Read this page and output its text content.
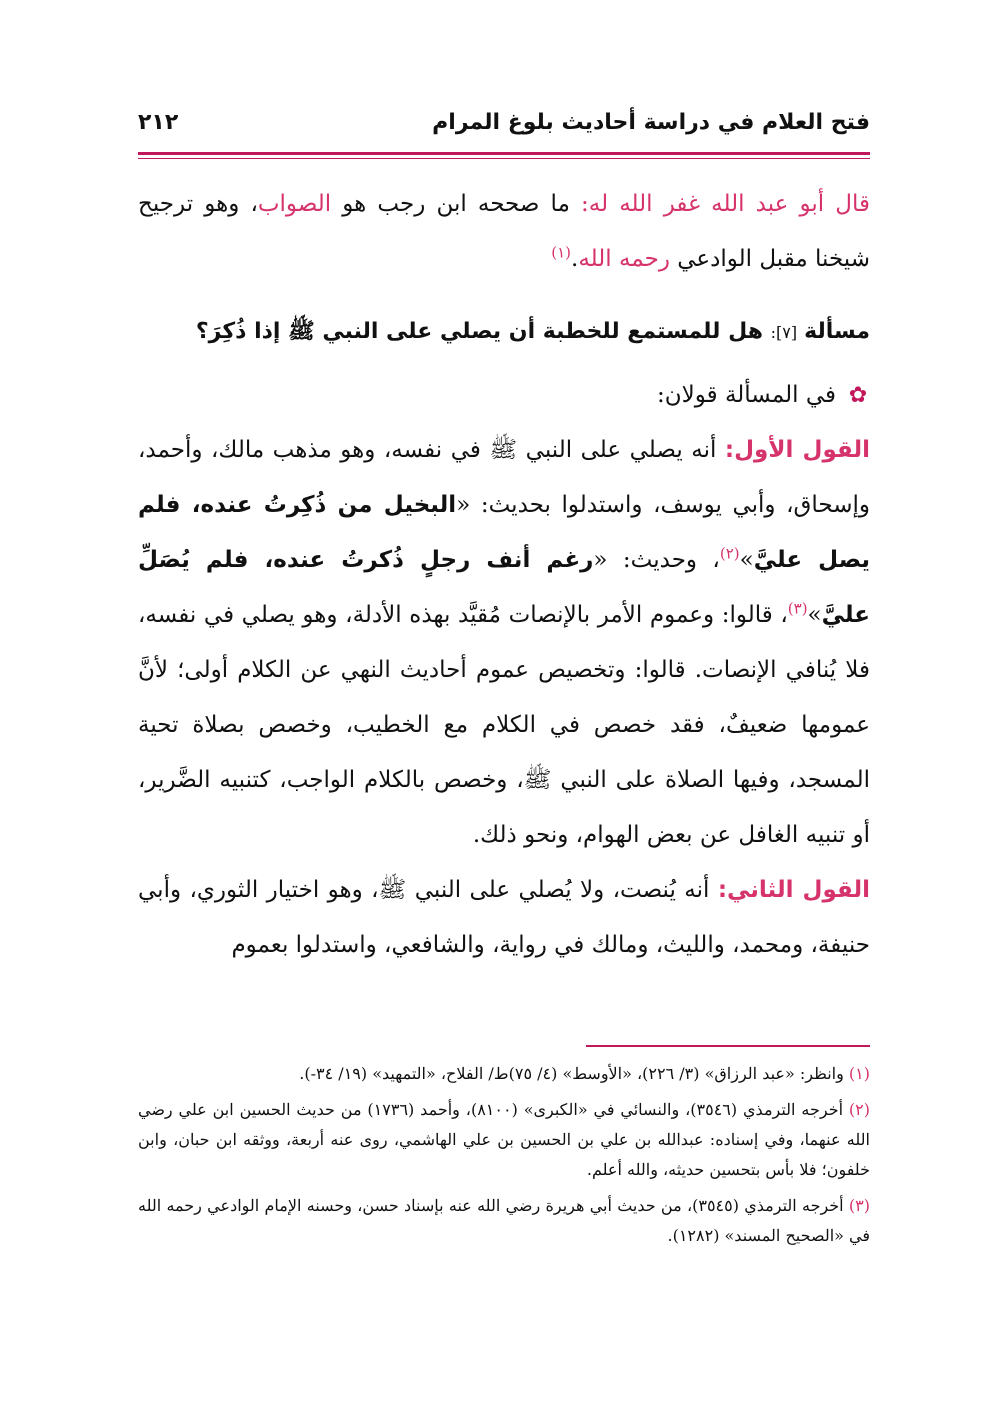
فتح العلام في دراسة أحاديث بلوغ المرام
٢١٢

قال أبو عبد الله غفر الله له: ما صححه ابن رجب هو الصواب، وهو ترجيح شيخنا مقبل الوادعي رحمه الله.$^{(١)}$

مسألة [٧]: هل للمستمع للخطبة أن يصلي على النبي ﷺ إذا ذُكِرَ؟

✿
في المسألة قولان:

القول الأول: أنه يصلي على النبي ﷺ في نفسه، وهو مذهب مالك، وأحمد، وإسحاق، وأبي يوسف، واستدلوا بحديث: «البخيل من ذُكِرتُ عنده، فلم يصل عليَّ»$^{(٢)}$، وحديث: «رغم أنف رجلٍ ذُكرتُ عنده، فلم يُصَلِّ عليَّ»$^{(٣)}$، قالوا: وعموم الأمر بالإنصات مُقيَّد بهذه الأدلة، وهو يصلي في نفسه، فلا يُنافي الإنصات. قالوا: وتخصيص عموم أحاديث النهي عن الكلام أولى؛ لأنَّ عمومها ضعيفٌ، فقد خصص في الكلام مع الخطيب، وخصص بصلاة تحية المسجد، وفيها الصلاة على النبي ﷺ، وخصص بالكلام الواجب، كتنبيه الضَّرير، أو تنبيه الغافل عن بعض الهوام، ونحو ذلك.

القول الثاني: أنه يُنصت، ولا يُصلي على النبي ﷺ، وهو اختيار الثوري، وأبي حنيفة، ومحمد، والليث، ومالك في رواية، والشافعي، واستدلوا بعموم

(١) وانظر: «عبد الرزاق» (٣/ ٢٢٦)، «الأوسط» (٤/ ٧٥)ط/ الفلاح، «التمهيد» (١٩/ ٣٤-).

(٢) أخرجه الترمذي (٣٥٤٦)، والنسائي في «الكبرى» (٨١٠٠)، وأحمد (١٧٣٦) من حديث الحسين ابن علي رضي الله عنهما، وفي إسناده: عبدالله بن علي بن الحسين بن علي الهاشمي، روى عنه أربعة، ووثقه ابن حبان، وابن خلفون؛ فلا بأس بتحسين حديثه، والله أعلم.

(٣) أخرجه الترمذي (٣٥٤٥)، من حديث أبي هريرة رضي الله عنه بإسناد حسن، وحسنه الإمام الوادعي رحمه الله في «الصحيح المسند» (١٢٨٢).
